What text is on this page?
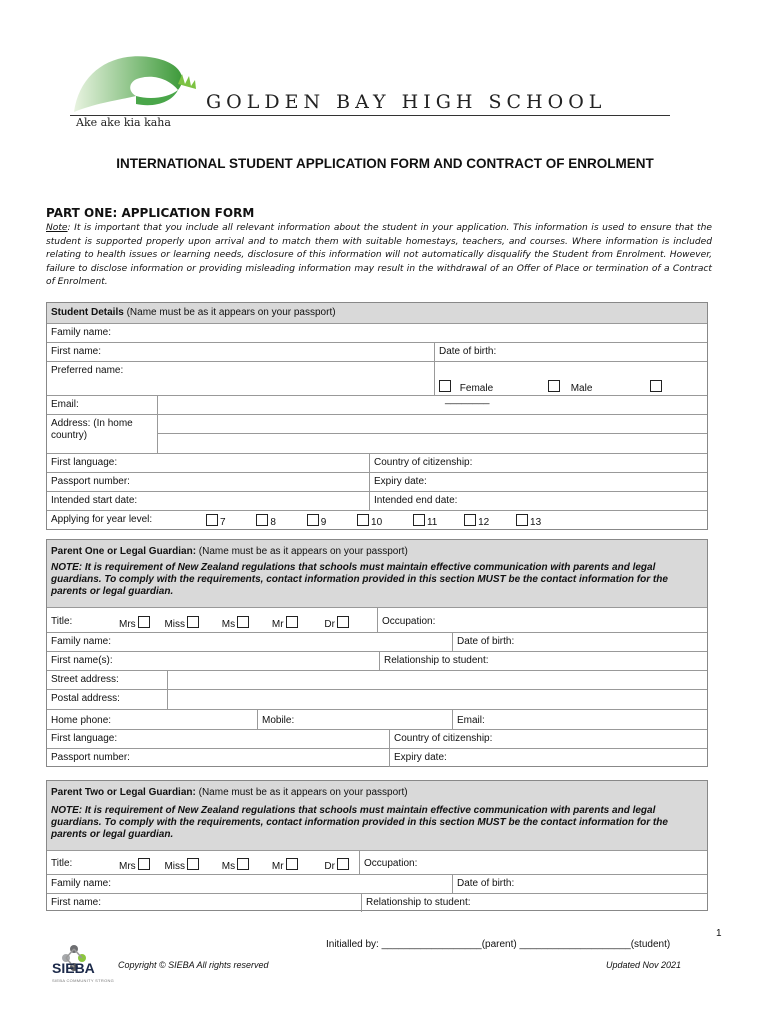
GOLDEN BAY HIGH SCHOOL
Ake ake kia kaha
INTERNATIONAL STUDENT APPLICATION FORM AND CONTRACT OF ENROLMENT
PART ONE: APPLICATION FORM
Note: It is important that you include all relevant information about the student in your application. This information is used to ensure that the student is supported properly upon arrival and to match them with suitable homestays, teachers, and courses. Where information is included relating to health issues or learning needs, disclosure of this information will not automatically disqualify the Student from Enrolment. However, failure to disclose information or providing misleading information may result in the withdrawal of an Offer of Place or termination of a Contract of Enrolment.
Student Details (Name must be as it appears on your passport)
Family name:
First name:	Date of birth:
Preferred name:
Female	Male  ________
Email:
Address: (In home country)
First language:	Country of citizenship:
Passport number:	Expiry date:
Intended start date:	Intended end date:
Applying for year level:	7	8	9	10	11	12	13
Parent One or Legal Guardian: (Name must be as it appears on your passport)
NOTE: It is requirement of New Zealand regulations that schools must maintain effective communication with parents and legal guardians. To comply with the requirements, contact information provided in this section MUST be the contact information for the parents or legal guardian.
Title:	Mrs	Miss	Ms	Mr	Dr	Occupation:
Family name:	Date of birth:
First name(s):	Relationship to student:
Street address:
Postal address:
Home phone:	Mobile:	Email:
First language:	Country of citizenship:
Passport number:	Expiry date:
Parent Two or Legal Guardian: (Name must be as it appears on your passport)
NOTE: It is requirement of New Zealand regulations that schools must maintain effective communication with parents and legal guardians. To comply with the requirements, contact information provided in this section MUST be the contact information for the parents or legal guardian.
Title:	Mrs	Miss	Ms	Mr	Dr	Occupation:
Family name:	Date of birth:
First name:	Relationship to student:
1
Initialled by: __________________(parent) ____________________(student)
SIEBA
SIEBA COMMUNITY STRONG
Copyright © SIEBA All rights reserved	Updated Nov 2021
